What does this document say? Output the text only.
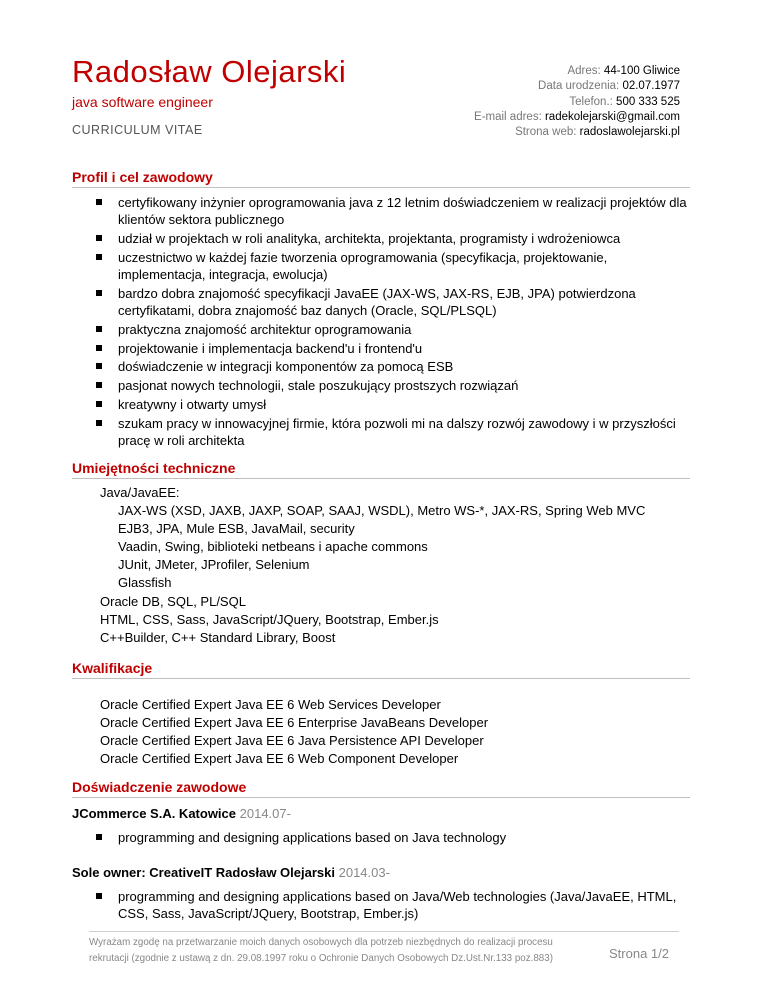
Radosław Olejarski
java software engineer
CURRICULUM VITAE
Adres: 44-100 Gliwice
Data urodzenia: 02.07.1977
Telefon.: 500 333 525
E-mail adres: radekolejarski@gmail.com
Strona web: radoslawolejarski.pl
Profil i cel zawodowy
certyfikowany inżynier oprogramowania java z 12 letnim doświadczeniem w realizacji projektów dla klientów sektora publicznego
udział w projektach w roli analityka, architekta, projektanta, programisty i wdrożeniowca
uczestnictwo w każdej fazie tworzenia oprogramowania (specyfikacja, projektowanie, implementacja, integracja, ewolucja)
bardzo dobra znajomość specyfikacji JavaEE (JAX-WS, JAX-RS, EJB, JPA) potwierdzona certyfikatami, dobra znajomość baz danych (Oracle, SQL/PLSQL)
praktyczna znajomość architektur oprogramowania
projektowanie i implementacja backend'u i frontend'u
doświadczenie w integracji komponentów za pomocą ESB
pasjonat nowych technologii, stale poszukujący prostszych rozwiązań
kreatywny i otwarty umysł
szukam pracy w innowacyjnej firmie, która pozwoli mi na dalszy rozwój zawodowy i w przyszłości pracę w roli architekta
Umiejętności techniczne
Java/JavaEE:
JAX-WS (XSD, JAXB, JAXP, SOAP, SAAJ, WSDL), Metro WS-*, JAX-RS, Spring Web MVC
EJB3, JPA, Mule ESB, JavaMail, security
Vaadin, Swing, biblioteki netbeans i apache commons
JUnit, JMeter, JProfiler, Selenium
Glassfish
Oracle DB, SQL, PL/SQL
HTML, CSS, Sass, JavaScript/JQuery, Bootstrap, Ember.js
C++Builder, C++ Standard Library, Boost
Kwalifikacje
Oracle Certified Expert Java EE 6 Web Services Developer
Oracle Certified Expert Java EE 6 Enterprise JavaBeans Developer
Oracle Certified Expert Java EE 6 Java Persistence API Developer
Oracle Certified Expert Java EE 6 Web Component Developer
Doświadczenie zawodowe
JCommerce S.A. Katowice 2014.07-
programming and designing applications based on Java technology
Sole owner: CreativeIT Radosław Olejarski 2014.03-
programming and designing applications based on Java/Web technologies (Java/JavaEE, HTML, CSS, Sass, JavaScript/JQuery, Bootstrap, Ember.js)
Wyrażam zgodę na przetwarzanie moich danych osobowych dla potrzeb niezbędnych do realizacji procesu
rekrutacji (zgodnie z ustawą z dn. 29.08.1997 roku o Ochronie Danych Osobowych Dz.Ust.Nr.133 poz.883)	Strona 1/2
